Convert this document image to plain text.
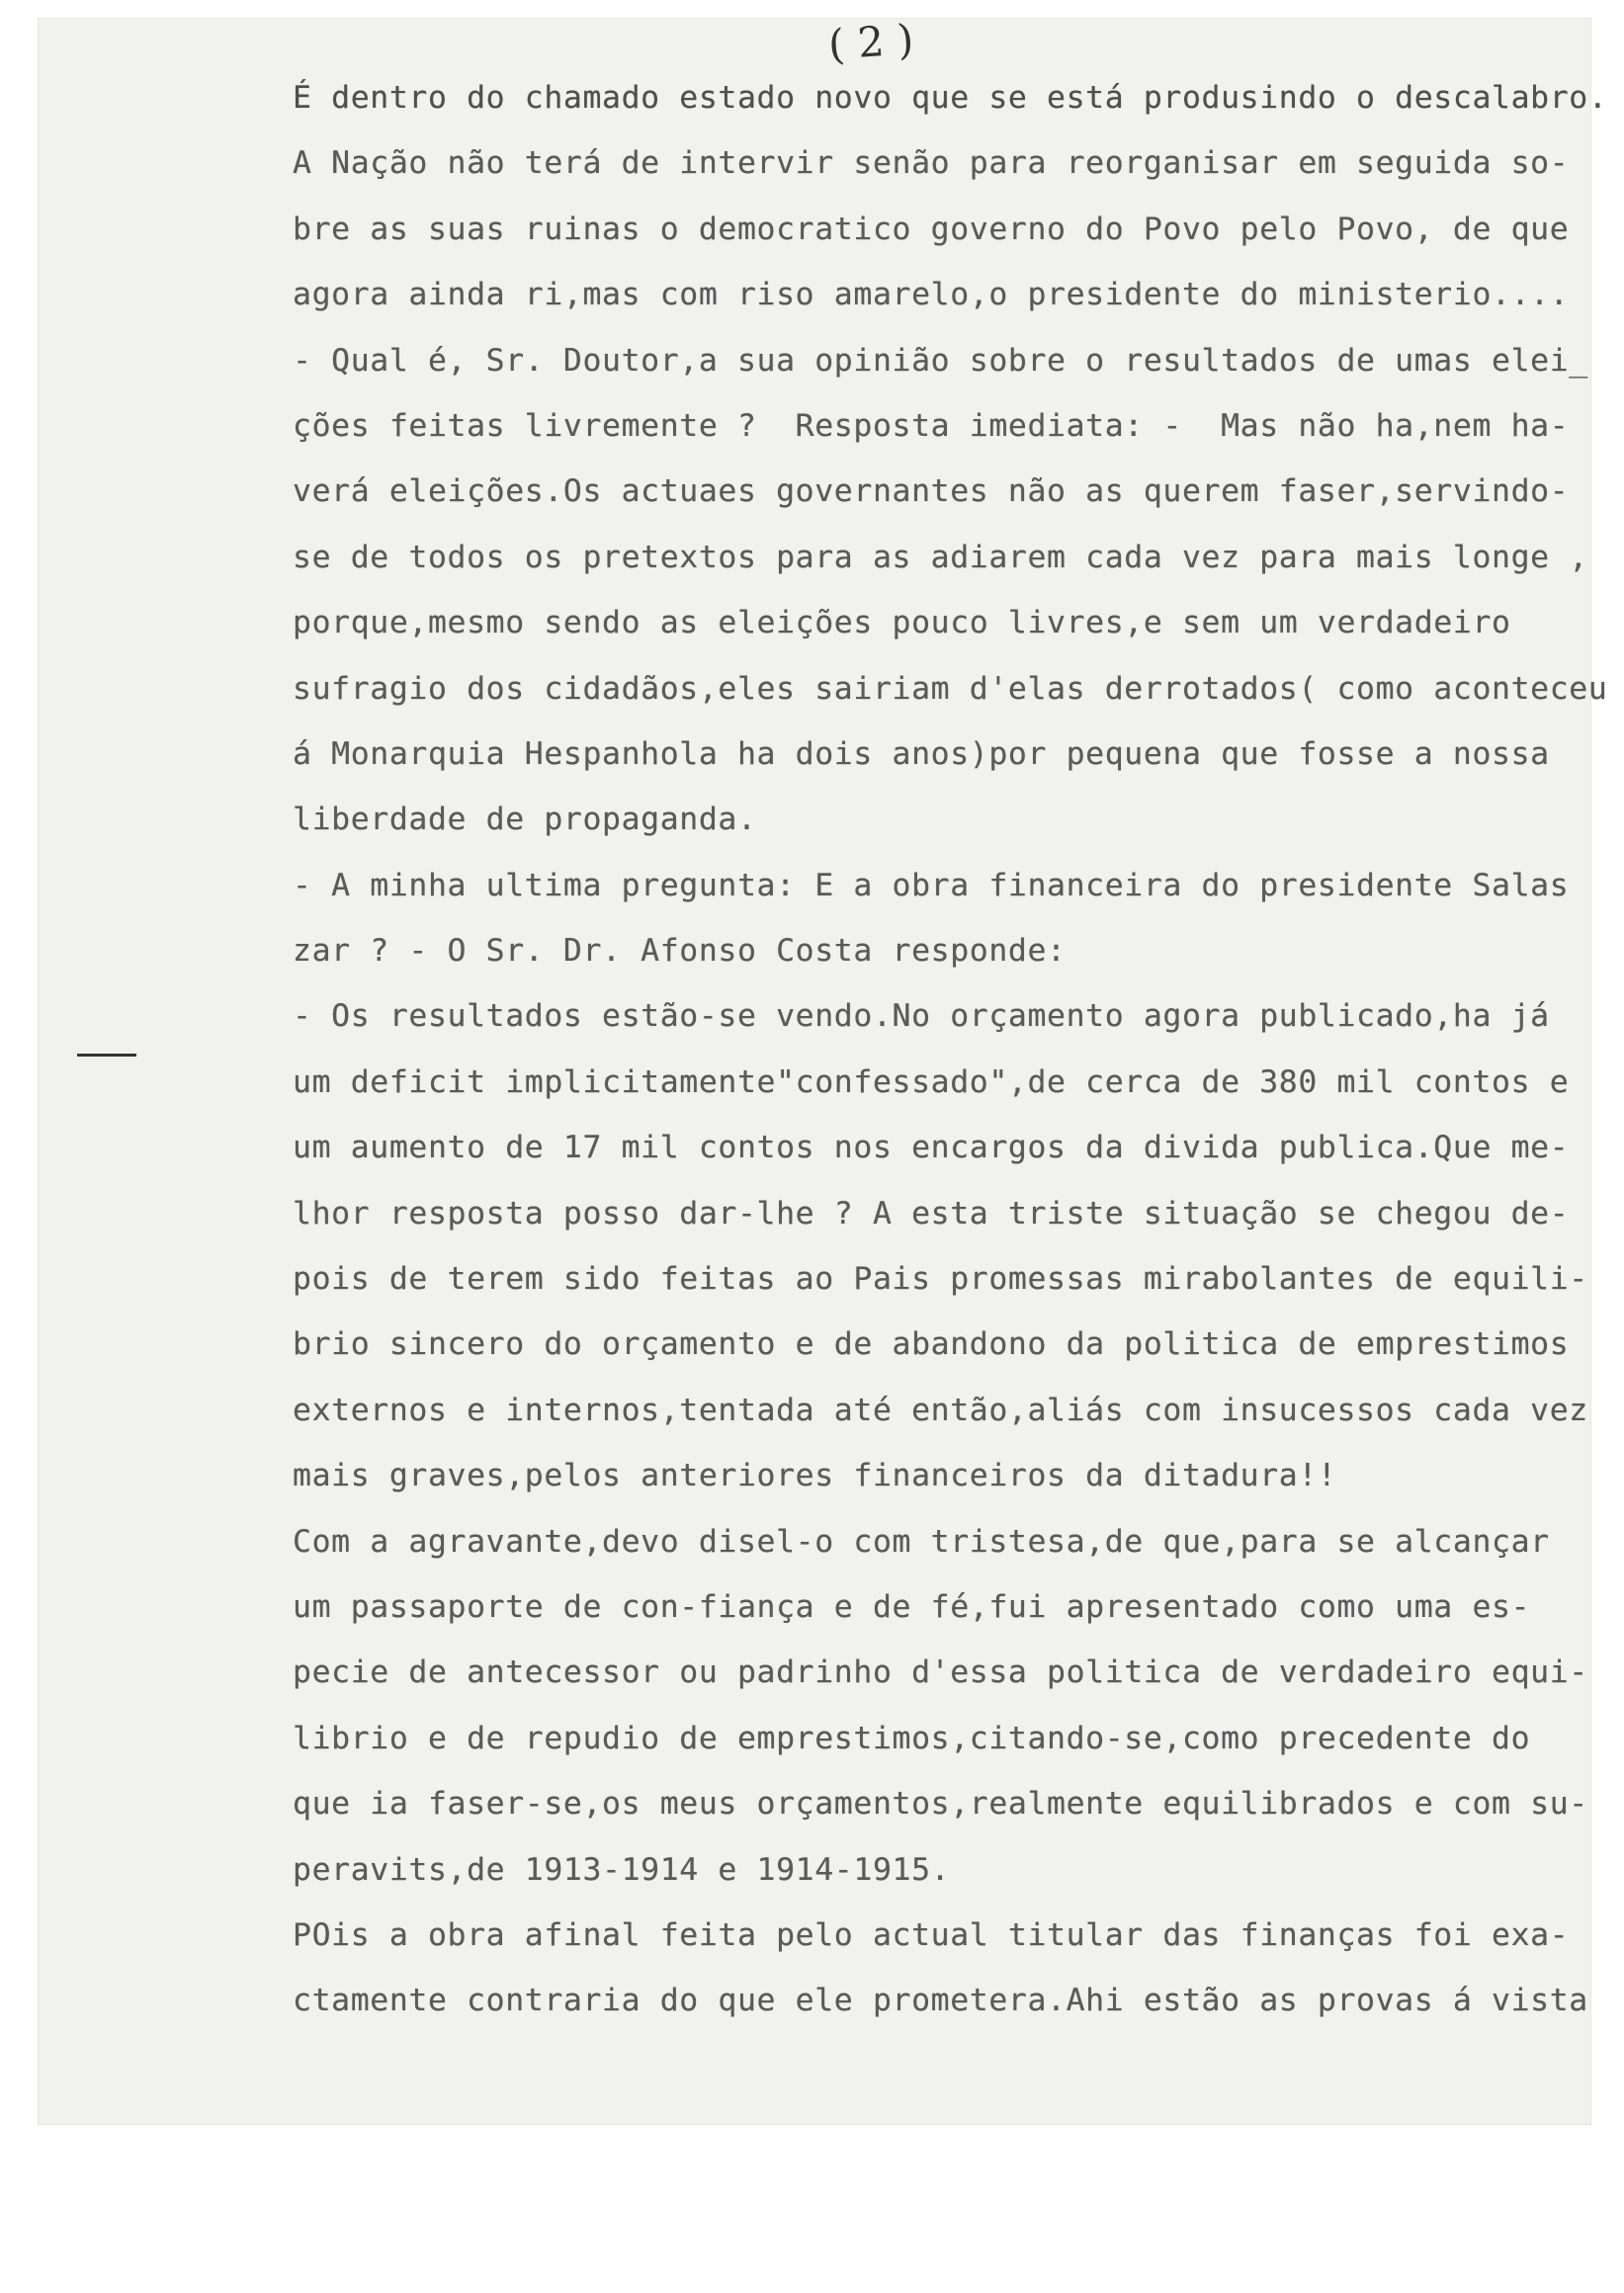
( 2 )
É dentro do chamado estado novo que se está produsindo o descalabro.
A Nação não terá de intervir senão para reorganisar em seguida so-
bre as suas ruinas o democratico governo do Povo pelo Povo, de que
agora ainda ri,mas com riso amarelo,o presidente do ministerio....
- Qual é, Sr. Doutor,a sua opinião sobre o resultados de umas elei_
ções feitas livremente ?  Resposta imediata: -  Mas não ha,nem ha-
verá eleições.Os actuaes governantes não as querem faser,servindo-
se de todos os pretextos para as adiarem cada vez para mais longe ,
porque,mesmo sendo as eleições pouco livres,e sem um verdadeiro
sufragio dos cidadãos,eles sairiam d'elas derrotados( como aconteceu
á Monarquia Hespanhola ha dois anos)por pequena que fosse a nossa
liberdade de propaganda.
- A minha ultima pregunta: E a obra financeira do presidente Salas
zar ? - O Sr. Dr. Afonso Costa responde:
- Os resultados estão-se vendo.No orçamento agora publicado,ha já
um deficit implicitamente"confessado",de cerca de 380 mil contos e
um aumento de 17 mil contos nos encargos da divida publica.Que me-
lhor resposta posso dar-lhe ? A esta triste situação se chegou de-
pois de terem sido feitas ao Pais promessas mirabolantes de equili-
brio sincero do orçamento e de abandono da politica de emprestimos
externos e internos,tentada até então,aliás com insucessos cada vez
mais graves,pelos anteriores financeiros da ditadura!!
Com a agravante,devo disel-o com tristesa,de que,para se alcançar
um passaporte de con-fiança e de fé,fui apresentado como uma es-
pecie de antecessor ou padrinho d'essa politica de verdadeiro equi-
librio e de repudio de emprestimos,citando-se,como precedente do
que ia faser-se,os meus orçamentos,realmente equilibrados e com su-
peravits,de 1913-1914 e 1914-1915.
POis a obra afinal feita pelo actual titular das finanças foi exa-
ctamente contraria do que ele prometera.Ahi estão as provas á vista
